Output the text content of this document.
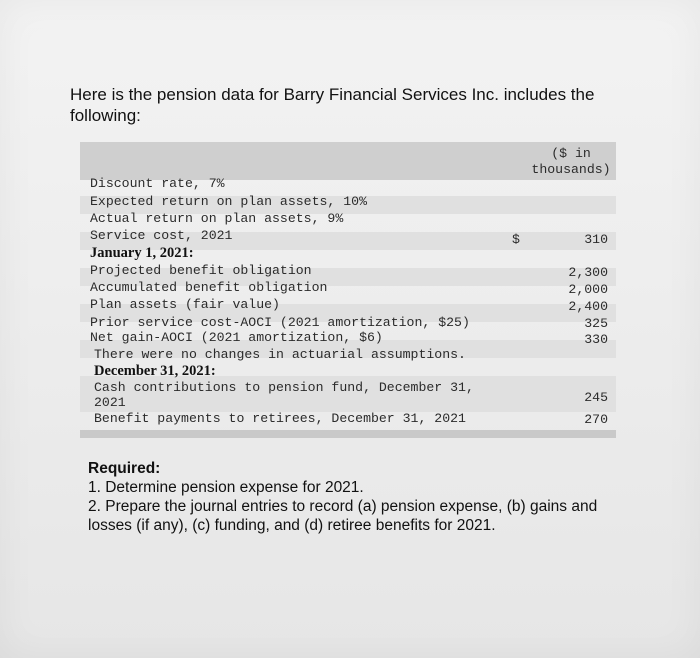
Here is the pension data for Barry Financial Services Inc. includes the following:
($ in
thousands)
Discount rate, 7%
Expected return on plan assets, 10%
Actual return on plan assets, 9%
Service cost, 2021	$	310
January 1, 2021:
Projected benefit obligation	2,300
Accumulated benefit obligation	2,000
Plan assets (fair value)	2,400
Prior service cost-AOCI (2021 amortization, $25)	325
Net gain-AOCI (2021 amortization, $6)	330
There were no changes in actuarial assumptions.
December 31, 2021:
Cash contributions to pension fund, December 31,
2021	245
Benefit payments to retirees, December 31, 2021	270
Required:
1. Determine pension expense for 2021.
2. Prepare the journal entries to record (a) pension expense, (b) gains and losses (if any), (c) funding, and (d) retiree benefits for 2021.
